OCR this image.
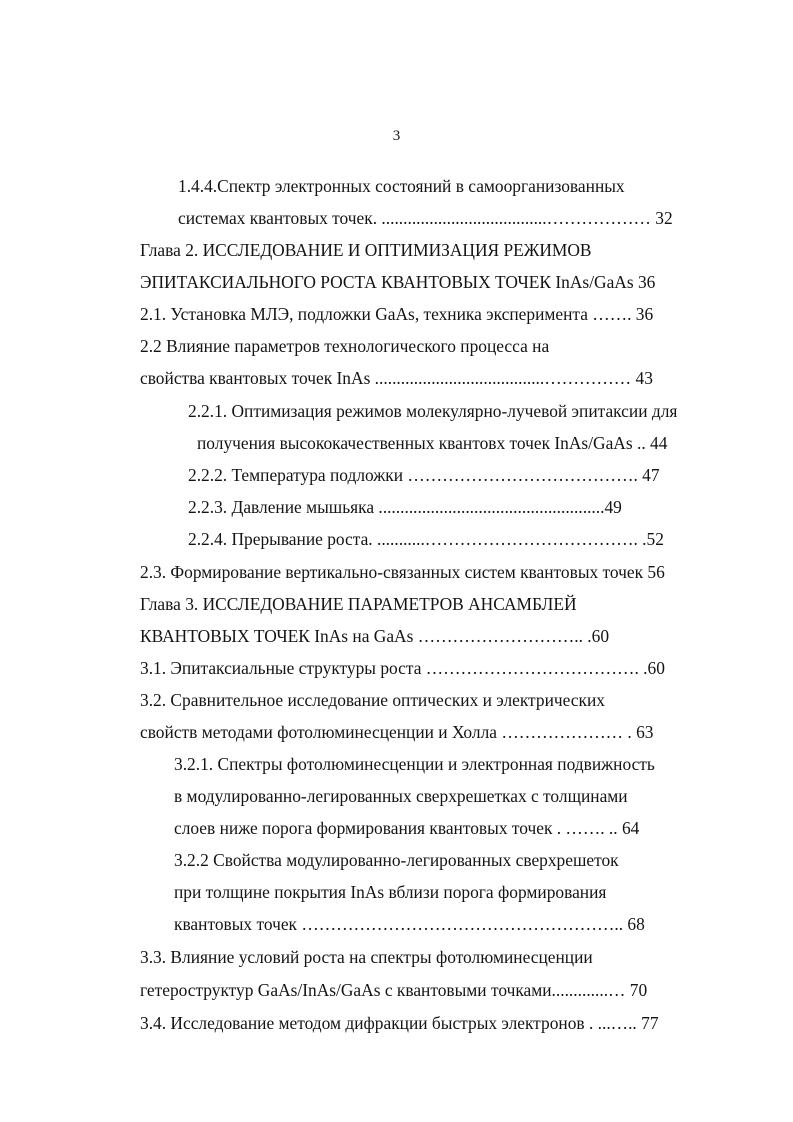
3
1.4.4.Спектр электронных состояний в самоорганизованных
системах квантовых точек. ......................................……………… 32
Глава 2. ИССЛЕДОВАНИЕ И ОПТИМИЗАЦИЯ РЕЖИМОВ
ЭПИТАКСИАЛЬНОГО РОСТА КВАНТОВЫХ ТОЧЕК InAs/GaAs 36
2.1. Установка МЛЭ, подложки GaAs, техника эксперимента ……. 36
2.2 Влияние параметров технологического процесса на
свойства квантовых точек InAs .......................................…………… 43
2.2.1. Оптимизация режимов молекулярно-лучевой эпитаксии для
получения высококачественных квантовх точек InAs/GaAs .. 44
2.2.2. Температура подложки …………………………………. 47
2.2.3. Давление мышьяка ....................................................49
2.2.4. Прерывание роста. ...........………………………………. .52
2.3. Формирование вертикально-связанных систем квантовых точек 56
Глава 3. ИССЛЕДОВАНИЕ ПАРАМЕТРОВ АНСАМБЛЕЙ
КВАНТОВЫХ ТОЧЕК InAs на GaAs ……………………….. .60
3.1. Эпитаксиальные структуры роста ………………………………. .60
3.2. Сравнительное исследование оптических и электрических
свойств методами фотолюминесценции и Холла ………………… . 63
3.2.1. Спектры фотолюминесценции и электронная подвижность
в модулированно-легированных сверхрешетках с толщинами
слоев ниже порога формирования квантовых точек . ……. .. 64
3.2.2 Свойства модулированно-легированных сверхрешеток
при толщине покрытия InAs вблизи порога формирования
квантовых точек ……………………………………………….. 68
3.3. Влияние условий роста на спектры фотолюминесценции
гетероструктур GaAs/InAs/GaAs с квантовыми точками.............… 70
3.4. Исследование методом дифракции быстрых электронов . ...….. 77
